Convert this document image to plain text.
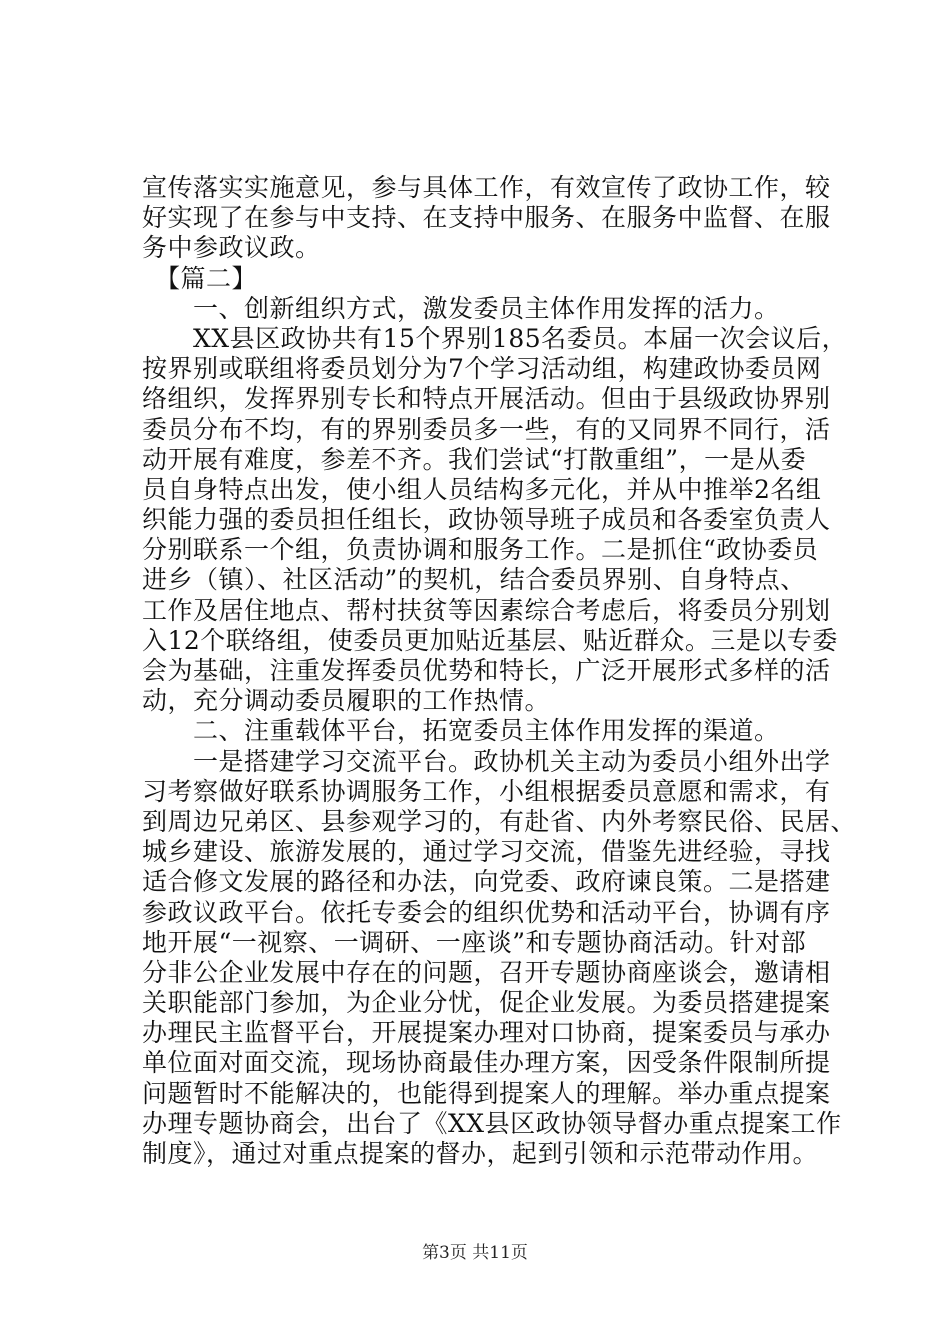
宣传落实实施意见，参与具体工作，有效宣传了政协工作，较
好实现了在参与中支持、在支持中服务、在服务中监督、在服
务中参政议政。
　【篇二】
　　一、创新组织方式，激发委员主体作用发挥的活力。
　　XX县区政协共有15个界别185名委员。本届一次会议后，
按界别或联组将委员划分为7个学习活动组，构建政协委员网
络组织，发挥界别专长和特点开展活动。但由于县级政协界别
委员分布不均，有的界别委员多一些，有的又同界不同行，活
动开展有难度，参差不齐。我们尝试“打散重组”，一是从委
员自身特点出发，使小组人员结构多元化，并从中推举2名组
织能力强的委员担任组长，政协领导班子成员和各委室负责人
分别联系一个组，负责协调和服务工作。二是抓住“政协委员
进乡（镇）、社区活动”的契机，结合委员界别、自身特点、
工作及居住地点、帮村扶贫等因素综合考虑后，将委员分别划
入12个联络组，使委员更加贴近基层、贴近群众。三是以专委
会为基础，注重发挥委员优势和特长，广泛开展形式多样的活
动，充分调动委员履职的工作热情。
　　二、注重载体平台，拓宽委员主体作用发挥的渠道。
　　一是搭建学习交流平台。政协机关主动为委员小组外出学
习考察做好联系协调服务工作，小组根据委员意愿和需求，有
到周边兄弟区、县参观学习的，有赴省、内外考察民俗、民居、
城乡建设、旅游发展的，通过学习交流，借鉴先进经验，寻找
适合修文发展的路径和办法，向党委、政府谏良策。二是搭建
参政议政平台。依托专委会的组织优势和活动平台，协调有序
地开展“一视察、一调研、一座谈”和专题协商活动。针对部
分非公企业发展中存在的问题，召开专题协商座谈会，邀请相
关职能部门参加，为企业分忧，促企业发展。为委员搭建提案
办理民主监督平台，开展提案办理对口协商，提案委员与承办
单位面对面交流，现场协商最佳办理方案，因受条件限制所提
问题暂时不能解决的，也能得到提案人的理解。举办重点提案
办理专题协商会，出台了《XX县区政协领导督办重点提案工作
制度》，通过对重点提案的督办，起到引领和示范带动作用。
第3页 共11页
